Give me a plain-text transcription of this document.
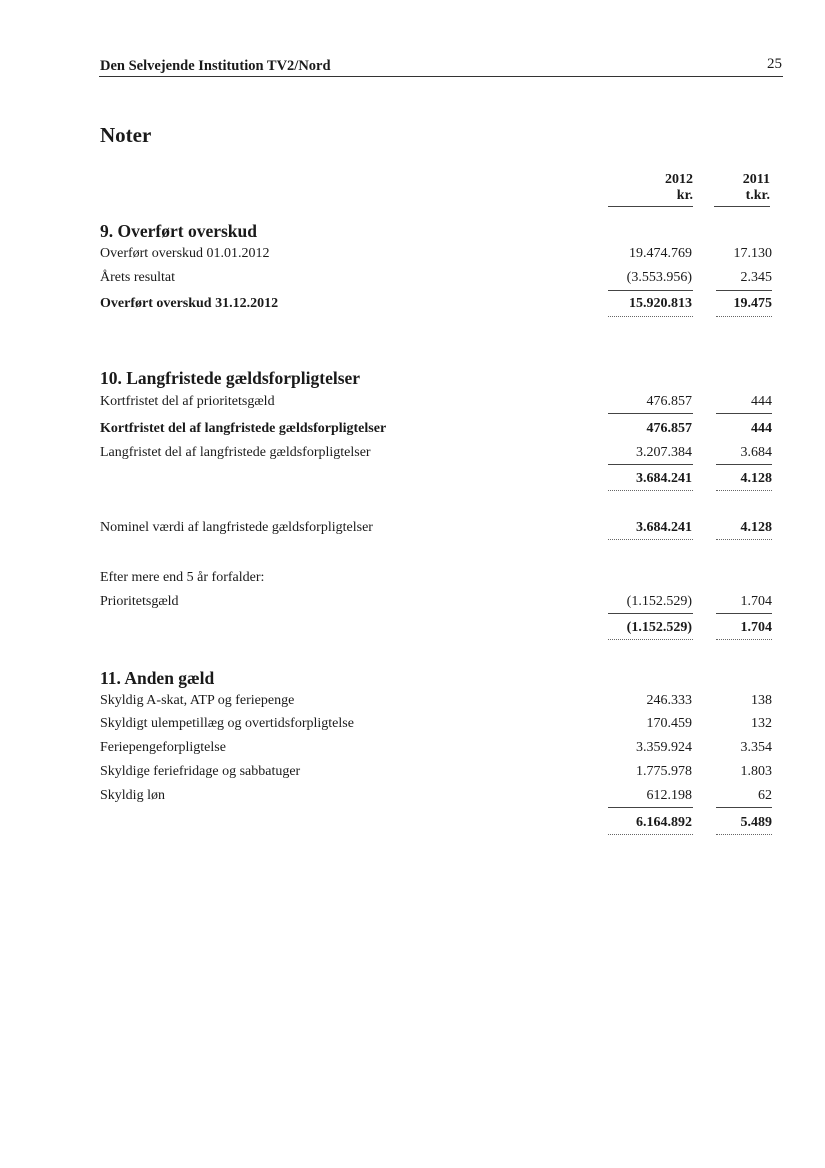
Den Selvejende Institution TV2/Nord	25
Noter
2012
kr.
2011
t.kr.
9. Overført overskud
Overført overskud 01.01.2012	19.474.769	17.130
Årets resultat	(3.553.956)	2.345
Overført overskud 31.12.2012	15.920.813	19.475
10. Langfristede gældsforpligtelser
Kortfristet del af prioritetsgæld	476.857	444
Kortfristet del af langfristede gældsforpligtelser	476.857	444
Langfristet del af langfristede gældsforpligtelser	3.207.384	3.684
3.684.241	4.128
Nominel værdi af langfristede gældsforpligtelser	3.684.241	4.128
Efter mere end 5 år forfalder:
Prioritetsgæld	(1.152.529)	1.704
(1.152.529)	1.704
11. Anden gæld
Skyldig A-skat, ATP og feriepenge	246.333	138
Skyldigt ulempetillæg og overtidsforpligtelse	170.459	132
Feriepengeforpligtelse	3.359.924	3.354
Skyldige feriefridage og sabbatuger	1.775.978	1.803
Skyldig løn	612.198	62
6.164.892	5.489
